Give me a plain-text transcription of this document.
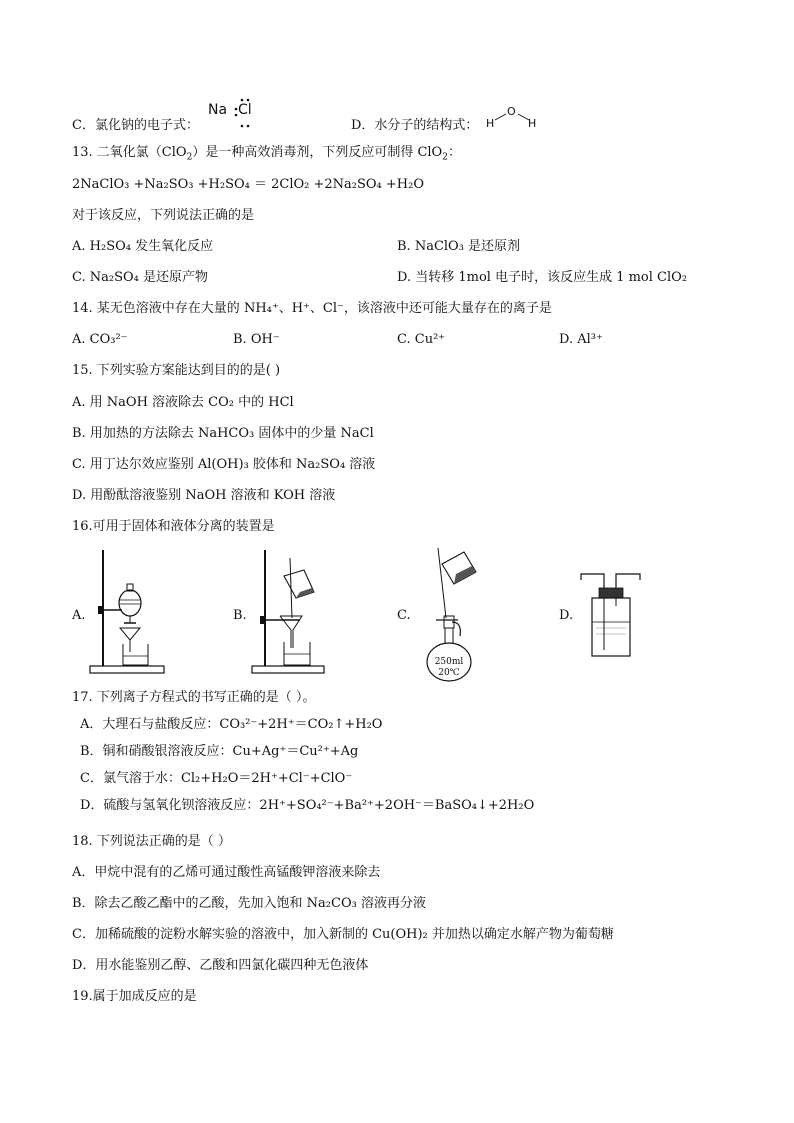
C．氯化钠的电子式：
Na Cl
D．水分子的结构式： H
O
H
13. 二氧化氯（ClO$_2$）是一种高效消毒剂，下列反应可制得 ClO$_2$：
2NaClO₃ +Na₂SO₃ +H₂SO₄ ＝ 2ClO₂ +2Na₂SO₄ +H₂O
对于该反应，下列说法正确的是
A. H₂SO₄ 发生氧化反应	B. NaClO₃ 是还原剂
C. Na₂SO₄ 是还原产物	D. 当转移 1mol 电子时，该反应生成 1 mol ClO₂
14. 某无色溶液中存在大量的 NH₄⁺、H⁺、Cl⁻，该溶液中还可能大量存在的离子是
A. CO₃²⁻	B. OH⁻	C. Cu²⁺	D. Al³⁺
15. 下列实验方案能达到目的的是( )
A. 用 NaOH 溶液除去 CO₂ 中的 HCl
B. 用加热的方法除去 NaHCO₃ 固体中的少量 NaCl
C. 用丁达尔效应鉴别 Al(OH)₃ 胶体和 Na₂SO₄ 溶液
D. 用酚酞溶液鉴别 NaOH 溶液和 KOH 溶液
16.可用于固体和液体分离的装置是
A.	B.	C.
250ml
20℃
D.
17. 下列离子方程式的书写正确的是（ ）。
A．大理石与盐酸反应：CO₃²⁻+2H⁺＝CO₂↑+H₂O
B．铜和硝酸银溶液反应：Cu+Ag⁺＝Cu²⁺+Ag
C．氯气溶于水：Cl₂+H₂O＝2H⁺+Cl⁻+ClO⁻
D．硫酸与氢氧化钡溶液反应：2H⁺+SO₄²⁻+Ba²⁺+2OH⁻＝BaSO₄↓+2H₂O
18. 下列说法正确的是（ ）
A．甲烷中混有的乙烯可通过酸性高锰酸钾溶液来除去
B．除去乙酸乙酯中的乙酸，先加入饱和 Na₂CO₃ 溶液再分液
C．加稀硫酸的淀粉水解实验的溶液中，加入新制的 Cu(OH)₂ 并加热以确定水解产物为葡萄糖
D．用水能鉴别乙醇、乙酸和四氯化碳四种无色液体
19.属于加成反应的是
